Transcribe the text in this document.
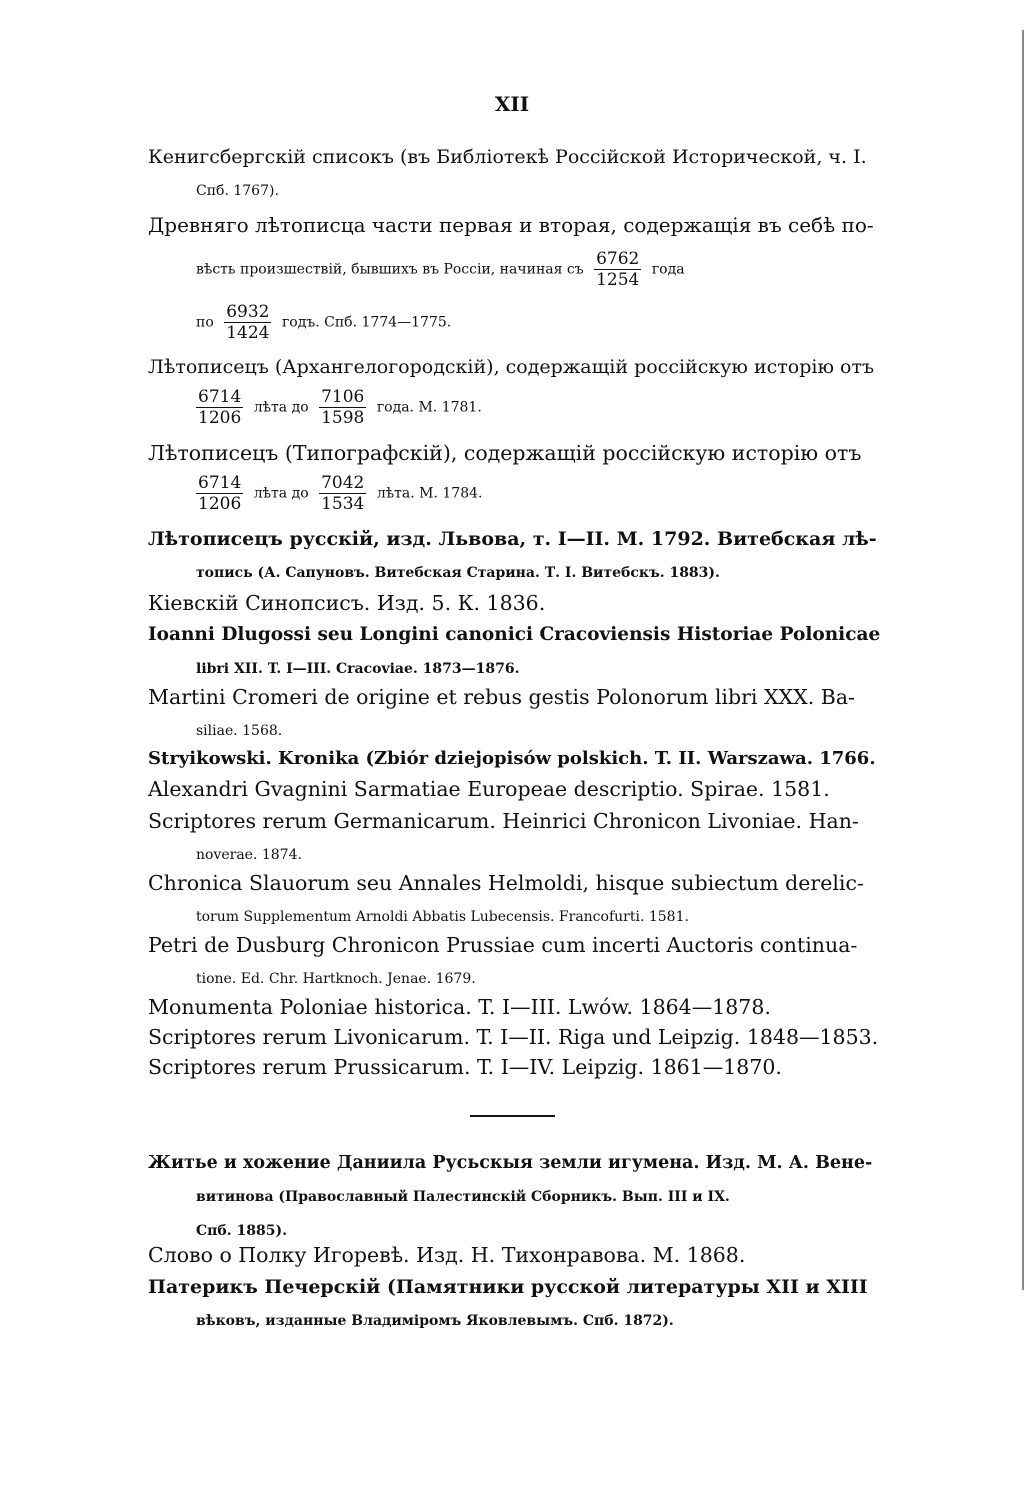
XII
Кенигсбергскій списокъ (въ Библіотекѣ Россійской Исторической, ч. I.
Спб. 1767).
Древняго лѣтописца части первая и вторая, содержащія въ себѣ по-
вѣсть произшествій, бывшихъ въ Россіи, начиная съ $\frac{6762}{1254}$ года
по $\frac{6932}{1424}$ годъ. Спб. 1774—1775.
Лѣтописецъ (Архангелогородскій), содержащій россійскую исторію отъ
$\frac{6714}{1206}$ лѣта до $\frac{7106}{1598}$ года. М. 1781.
Лѣтописецъ (Типографскій), содержащій россійскую исторію отъ
$\frac{6714}{1206}$ лѣта до $\frac{7042}{1534}$ лѣта. М. 1784.
Лѣтописецъ русскій, изд. Львова, т. I—II. М. 1792. Витебская лѣ-
топись (А. Сапуновъ. Витебская Старина. Т. I. Витебскъ. 1883).
Кіевскій Синопсисъ. Изд. 5. К. 1836.
Ioanni Dlugossi seu Longini canonici Cracoviensis Historiae Polonicae
libri XII. T. I—III. Cracoviae. 1873—1876.
Martini Cromeri de origine et rebus gestis Polonorum libri XXX. Ba-
siliae. 1568.
Stryikowski. Kronika (Zbiór dziejopisów polskich. T. II. Warszawa. 1766.
Alexandri Gvagnini Sarmatiae Europeae descriptio. Spirae. 1581.
Scriptores rerum Germanicarum. Heinrici Chronicon Livoniae. Han-
noverae. 1874.
Chronica Slauorum seu Annales Helmoldi, hisque subiectum derelic-
torum Supplementum Arnoldi Abbatis Lubecensis. Francofurti. 1581.
Petri de Dusburg Chronicon Prussiae cum incerti Auctoris continua-
tione. Ed. Chr. Hartknoch. Jenae. 1679.
Monumenta Poloniae historica. T. I—III. Lwów. 1864—1878.
Scriptores rerum Livonicarum. T. I—II. Riga und Leipzig. 1848—1853.
Scriptores rerum Prussicarum. T. I—IV. Leipzig. 1861—1870.
Житье и хожение Даниила Русьскыя земли игумена. Изд. М. А. Вене-
витинова (Православный Палестинскій Сборникъ. Вып. III и IX.
Спб. 1885).
Слово о Полку Игоревѣ. Изд. Н. Тихонравова. М. 1868.
Патерикъ Печерскій (Памятники русской литературы XII и XIII
вѣковъ, изданные Владиміромъ Яковлевымъ. Спб. 1872).
